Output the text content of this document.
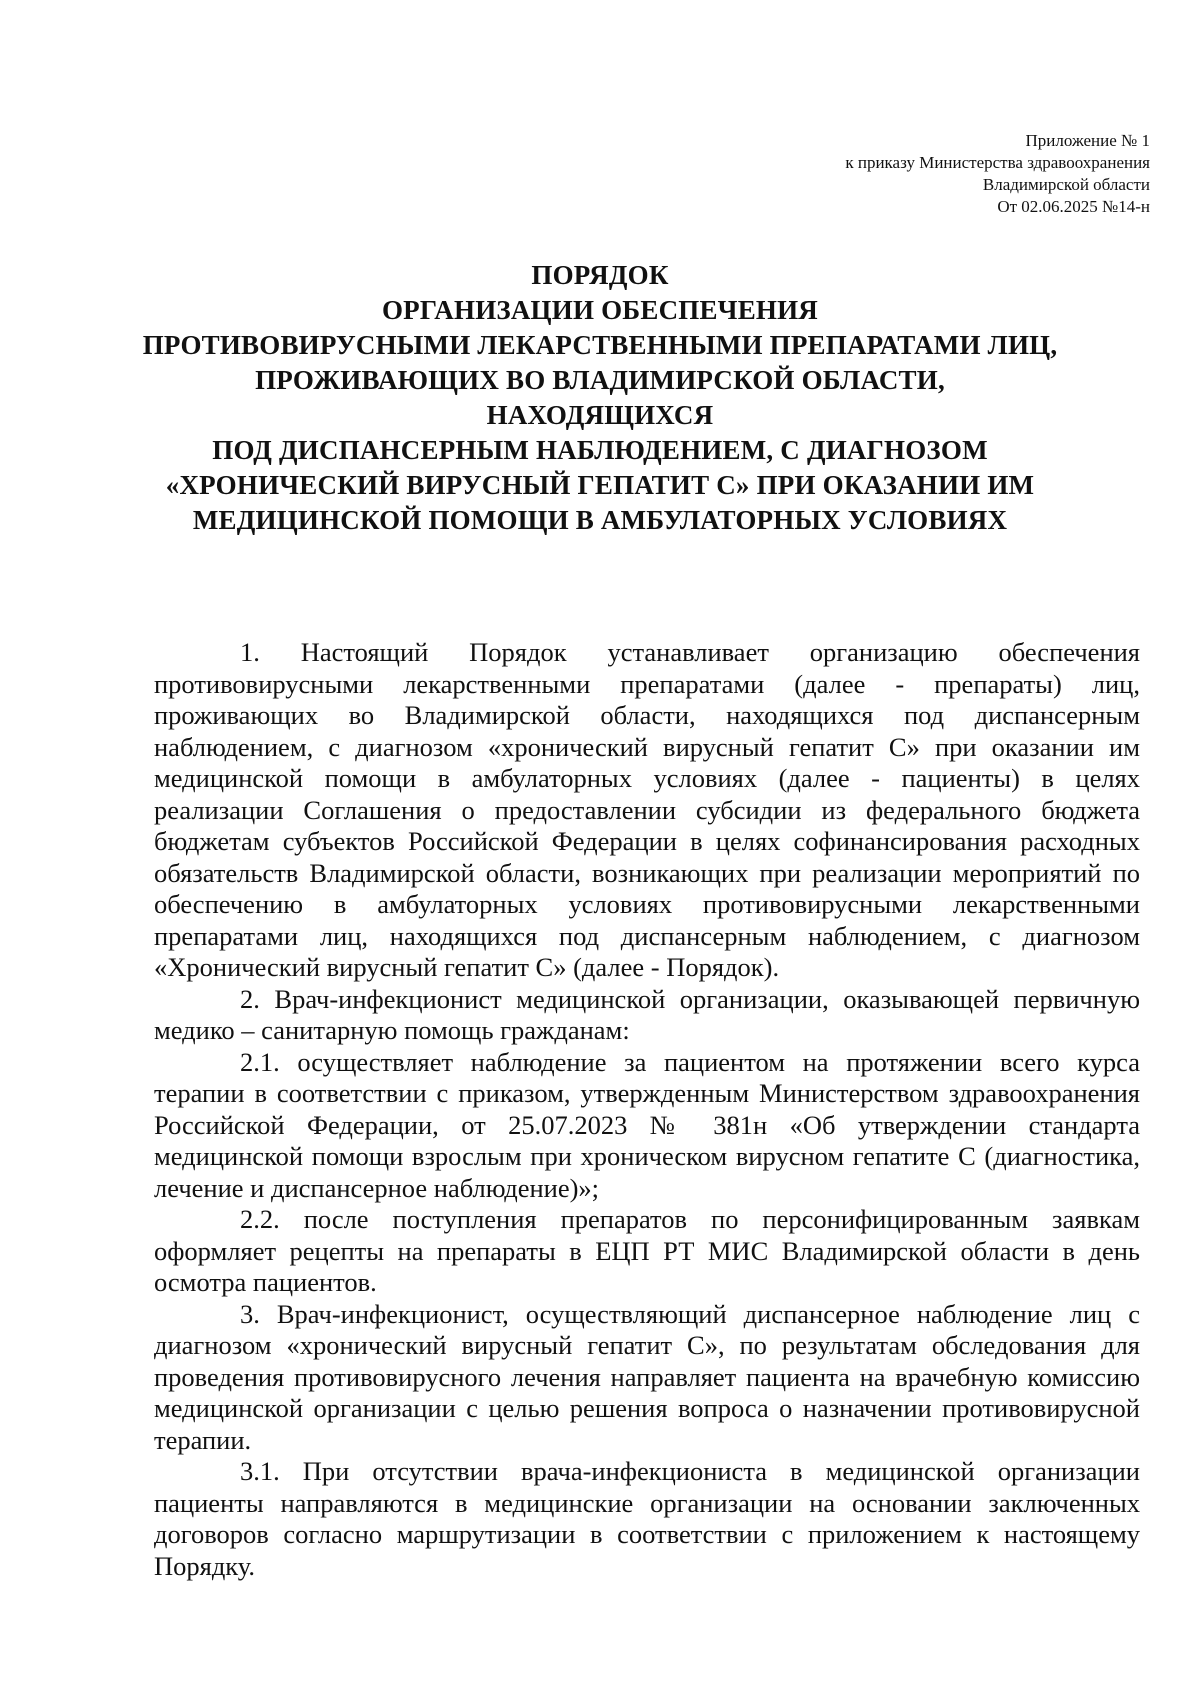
Приложение № 1
к приказу Министерства здравоохранения
Владимирской области
От 02.06.2025 №14-н
ПОРЯДОК
ОРГАНИЗАЦИИ ОБЕСПЕЧЕНИЯ
ПРОТИВОВИРУСНЫМИ ЛЕКАРСТВЕННЫМИ ПРЕПАРАТАМИ ЛИЦ,
ПРОЖИВАЮЩИХ ВО ВЛАДИМИРСКОЙ ОБЛАСТИ,
НАХОДЯЩИХСЯ
ПОД ДИСПАНСЕРНЫМ НАБЛЮДЕНИЕМ, С ДИАГНОЗОМ
«ХРОНИЧЕСКИЙ ВИРУСНЫЙ ГЕПАТИТ С» ПРИ ОКАЗАНИИ ИМ
МЕДИЦИНСКОЙ ПОМОЩИ В АМБУЛАТОРНЫХ УСЛОВИЯХ

1. Настоящий Порядок устанавливает организацию обеспечения противовирусными лекарственными препаратами (далее - препараты) лиц, проживающих во Владимирской области, находящихся под диспансерным наблюдением, с диагнозом «хронический вирусный гепатит С» при оказании им медицинской помощи в амбулаторных условиях (далее - пациенты) в целях реализации Соглашения о предоставлении субсидии из федерального бюджета бюджетам субъектов Российской Федерации в целях софинансирования расходных обязательств Владимирской области, возникающих при реализации мероприятий по обеспечению в амбулаторных условиях противовирусными лекарственными препаратами лиц, находящихся под диспансерным наблюдением, с диагнозом «Хронический вирусный гепатит С» (далее - Порядок).

2. Врач-инфекционист медицинской организации, оказывающей первичную медико – санитарную помощь гражданам:

2.1. осуществляет наблюдение за пациентом на протяжении всего курса терапии в соответствии с приказом, утвержденным Министерством здравоохранения Российской Федерации, от 25.07.2023 № 381н «Об утверждении стандарта медицинской помощи взрослым при хроническом вирусном гепатите С (диагностика, лечение и диспансерное наблюдение)»;

2.2. после поступления препаратов по персонифицированным заявкам оформляет рецепты на препараты в ЕЦП РТ МИС Владимирской области в день осмотра пациентов.

3. Врач-инфекционист, осуществляющий диспансерное наблюдение лиц с диагнозом «хронический вирусный гепатит С», по результатам обследования для проведения противовирусного лечения направляет пациента на врачебную комиссию медицинской организации с целью решения вопроса о назначении противовирусной терапии.

3.1. При отсутствии врача-инфекциониста в медицинской организации пациенты направляются в медицинские организации на основании заключенных договоров согласно маршрутизации в соответствии с приложением к настоящему Порядку.
